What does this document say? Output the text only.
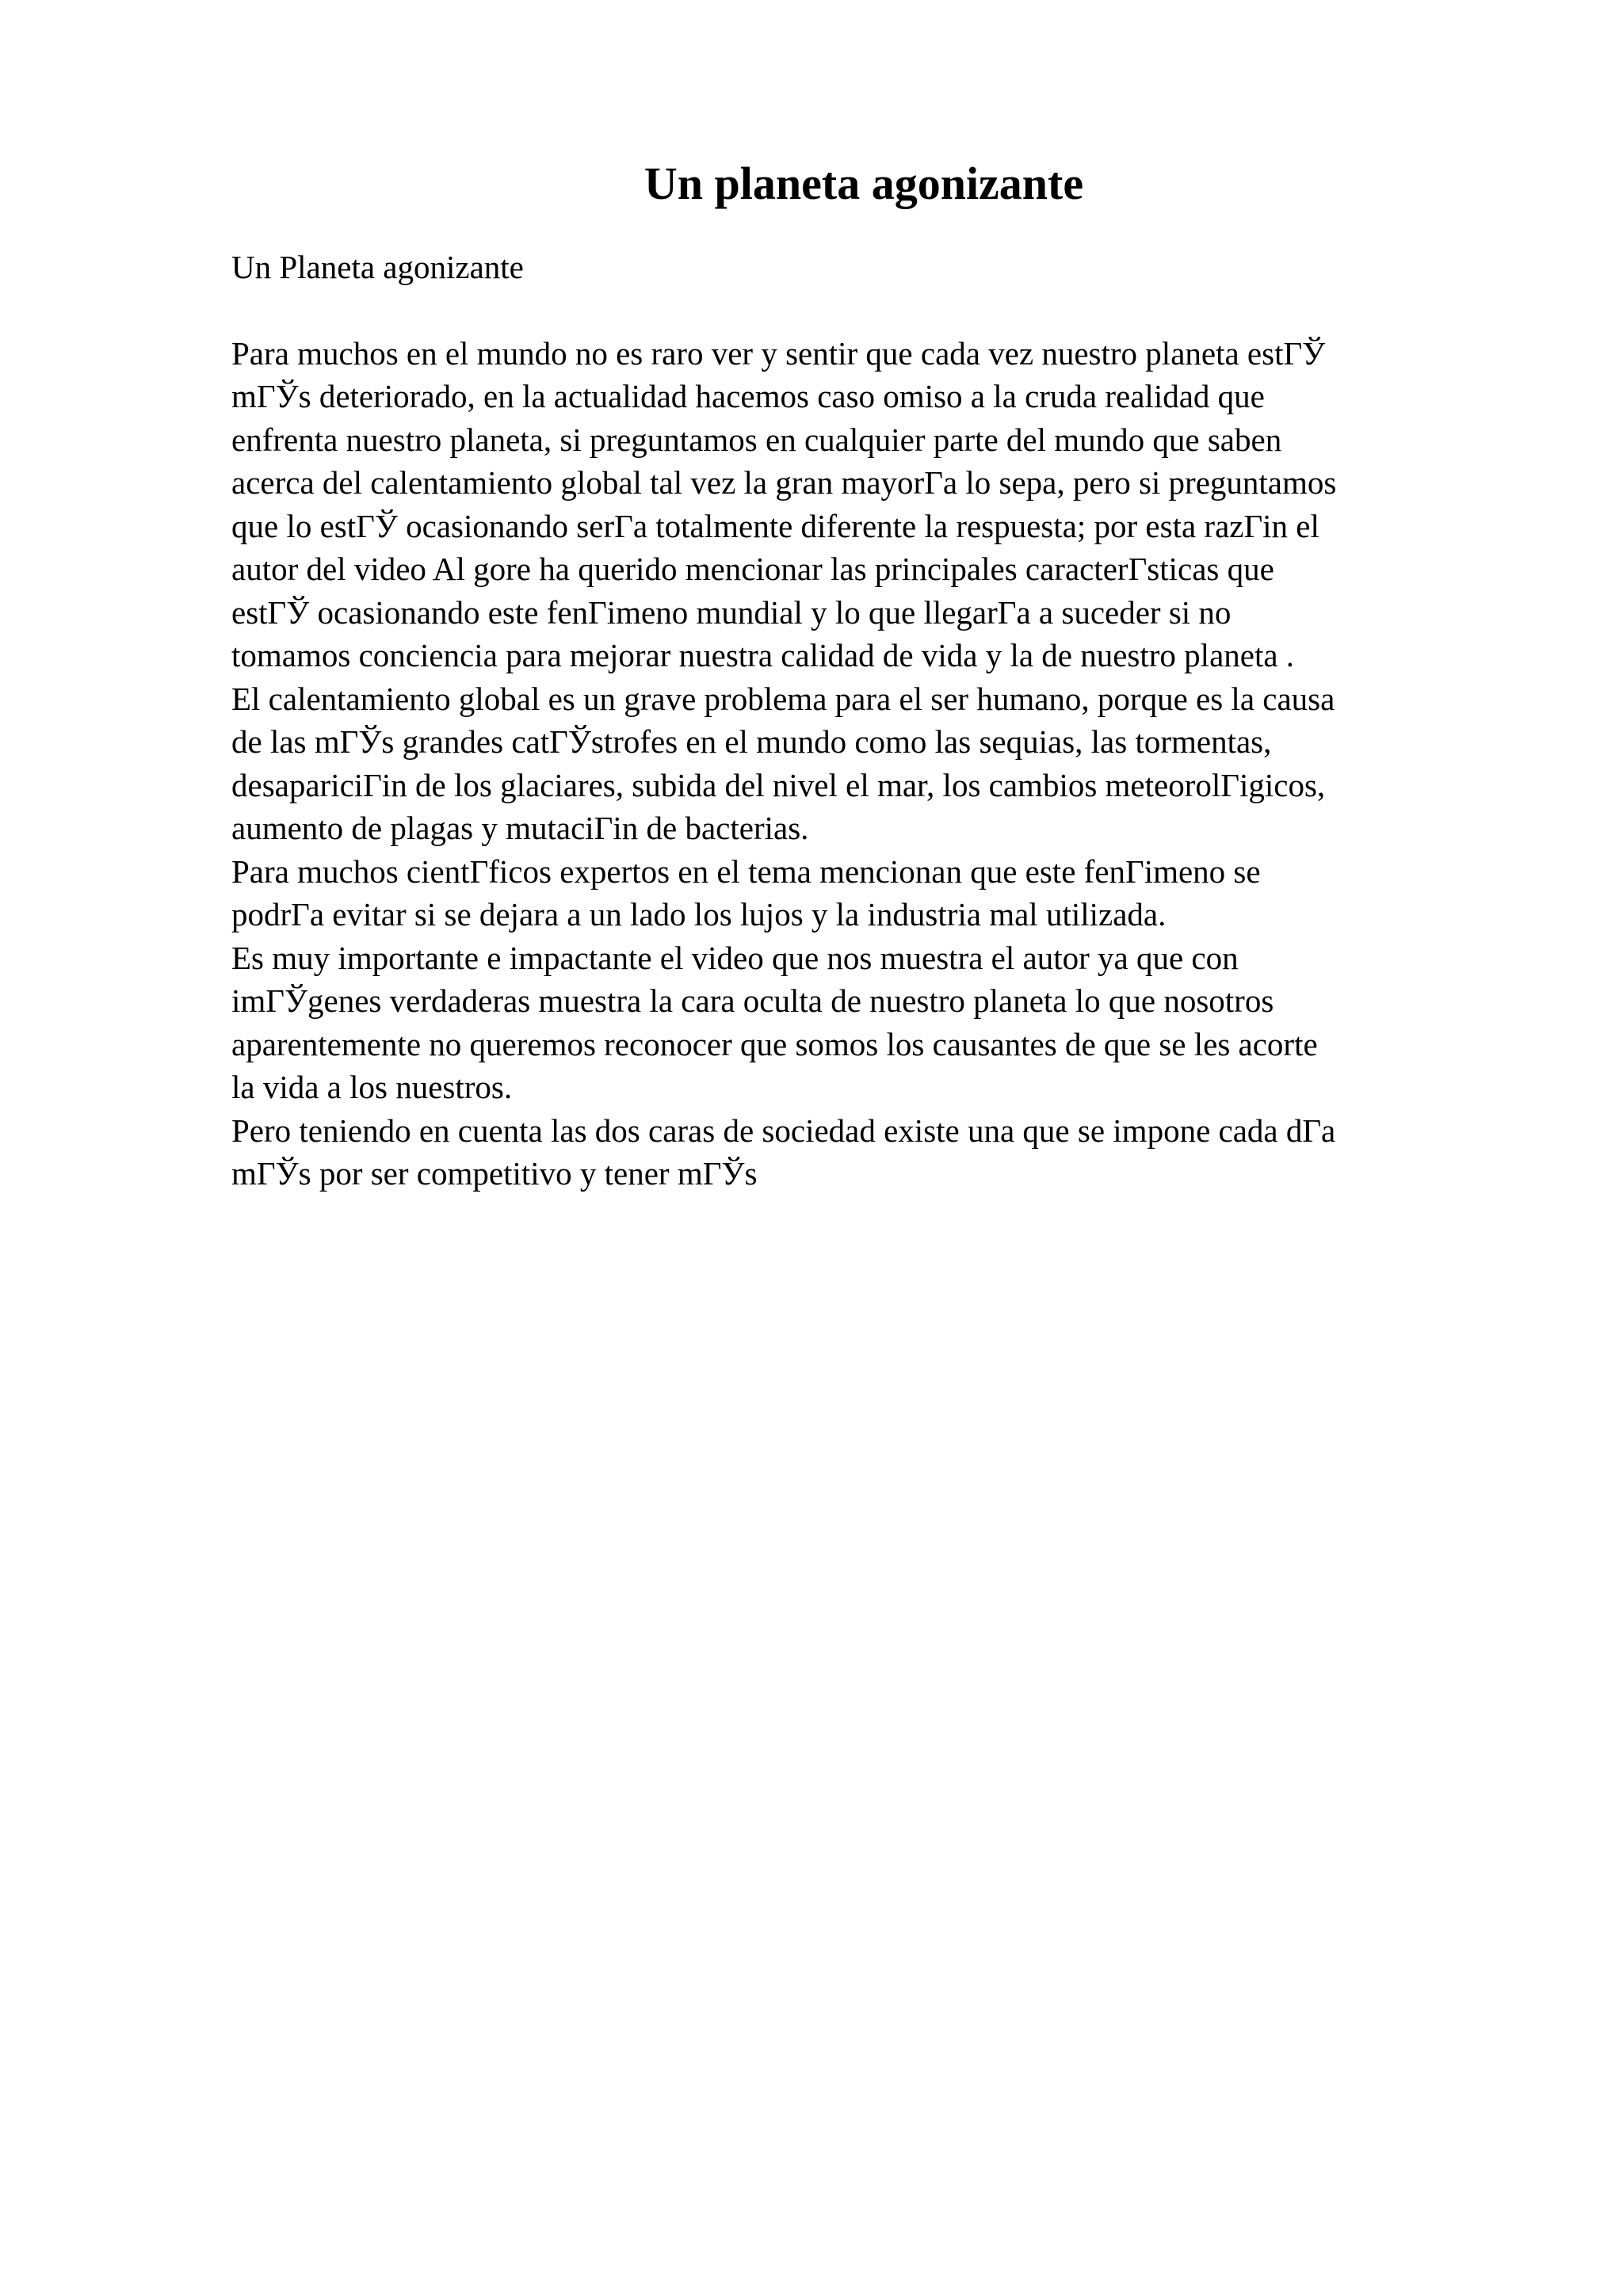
Un planeta agonizante

Un Planeta agonizante

Para muchos en el mundo no es raro ver y sentir que cada vez nuestro planeta estГЎ
mГЎs deteriorado, en la actualidad hacemos caso omiso a la cruda realidad que
enfrenta nuestro planeta, si preguntamos en cualquier parte del mundo que saben
acerca del calentamiento global tal vez la gran mayorГa lo sepa, pero si preguntamos
que lo estГЎ ocasionando serГa totalmente diferente la respuesta; por esta razГin el
autor del video Al gore ha querido mencionar las principales caracterГsticas que
estГЎ ocasionando este fenГimeno mundial y lo que llegarГa a suceder si no
tomamos conciencia para mejorar nuestra calidad de vida y la de nuestro planeta .
El calentamiento global es un grave problema para el ser humano, porque es la causa
de las mГЎs grandes catГЎstrofes en el mundo como las sequias, las tormentas,
desapariciГin de los glaciares, subida del nivel el mar, los cambios meteorolГigicos,
aumento de plagas y mutaciГin de bacterias.
Para muchos cientГficos expertos en el tema mencionan que este fenГimeno se
podrГa evitar si se dejara a un lado los lujos y la industria mal utilizada.
Es muy importante e impactante el video que nos muestra el autor ya que con
imГЎgenes verdaderas muestra la cara oculta de nuestro planeta lo que nosotros
aparentemente no queremos reconocer que somos los causantes de que se les acorte
la vida a los nuestros.
Pero teniendo en cuenta las dos caras de sociedad existe una que se impone cada dГa
mГЎs por ser competitivo y tener mГЎs
